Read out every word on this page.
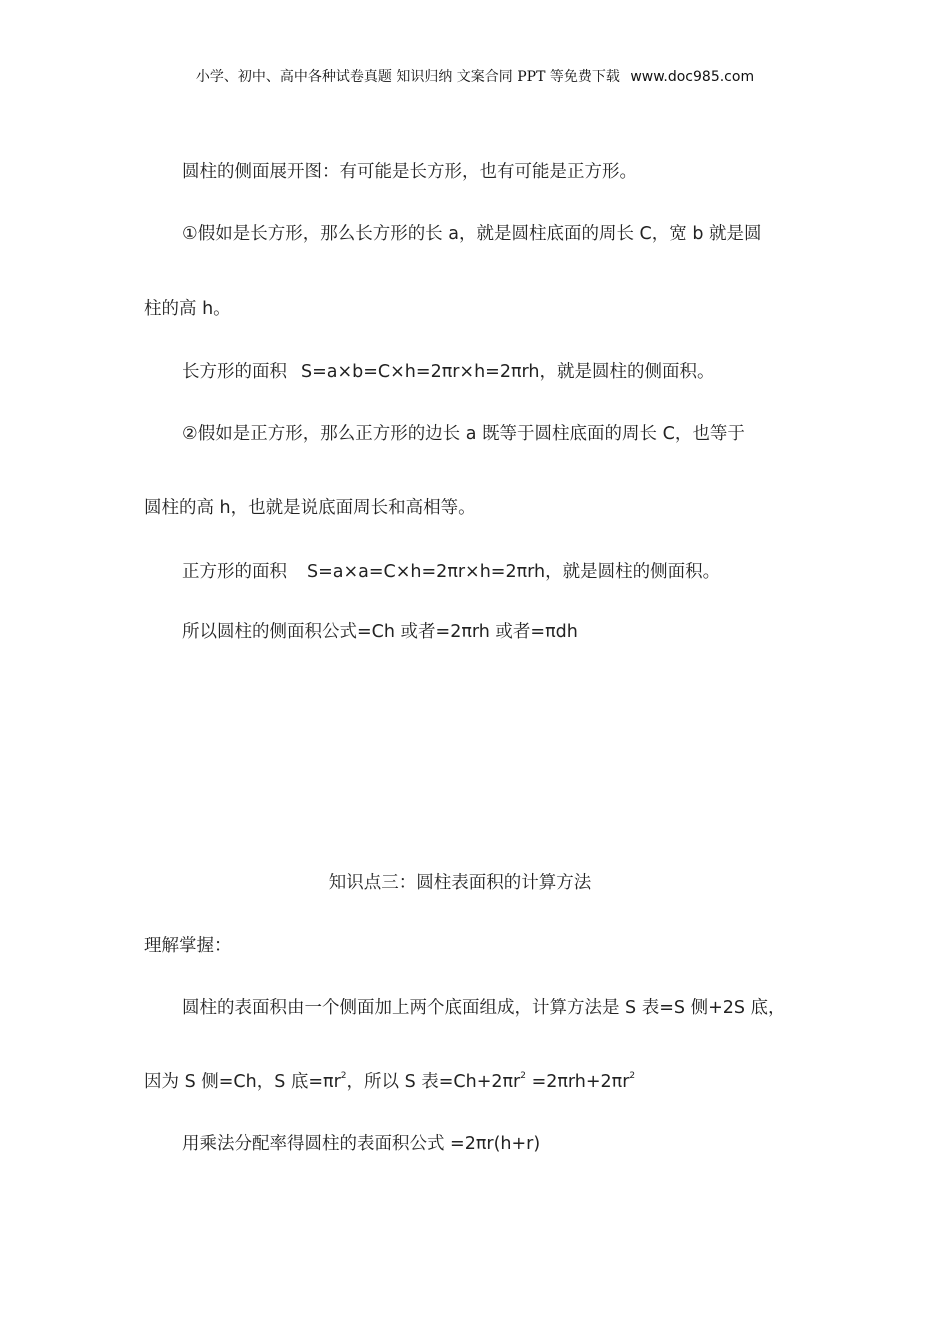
小学、初中、高中各种试卷真题 知识归纳 文案合同 PPT 等免费下载 www.doc985.com
圆柱的侧面展开图：有可能是长方形，也有可能是正方形。
①假如是长方形，那么长方形的长 a，就是圆柱底面的周长 C，宽 b 就是圆
柱的高 h。
长方形的面积 S=a×b=C×h=2πr×h=2πrh，就是圆柱的侧面积。
②假如是正方形，那么正方形的边长 a 既等于圆柱底面的周长 C，也等于
圆柱的高 h，也就是说底面周长和高相等。
正方形的面积 S=a×a=C×h=2πr×h=2πrh，就是圆柱的侧面积。
所以圆柱的侧面积公式=Ch 或者=2πrh 或者=πdh
知识点三：圆柱表面积的计算方法
理解掌握：
圆柱的表面积由一个侧面加上两个底面组成，计算方法是 S 表=S 侧+2S 底，
因为 S 侧=Ch，S 底$=\pi r^2$，所以 S 表$=Ch+2\pi r^2 =2\pi rh+2\pi r^2$
用乘法分配率得圆柱的表面积公式 =2πr(h+r)
